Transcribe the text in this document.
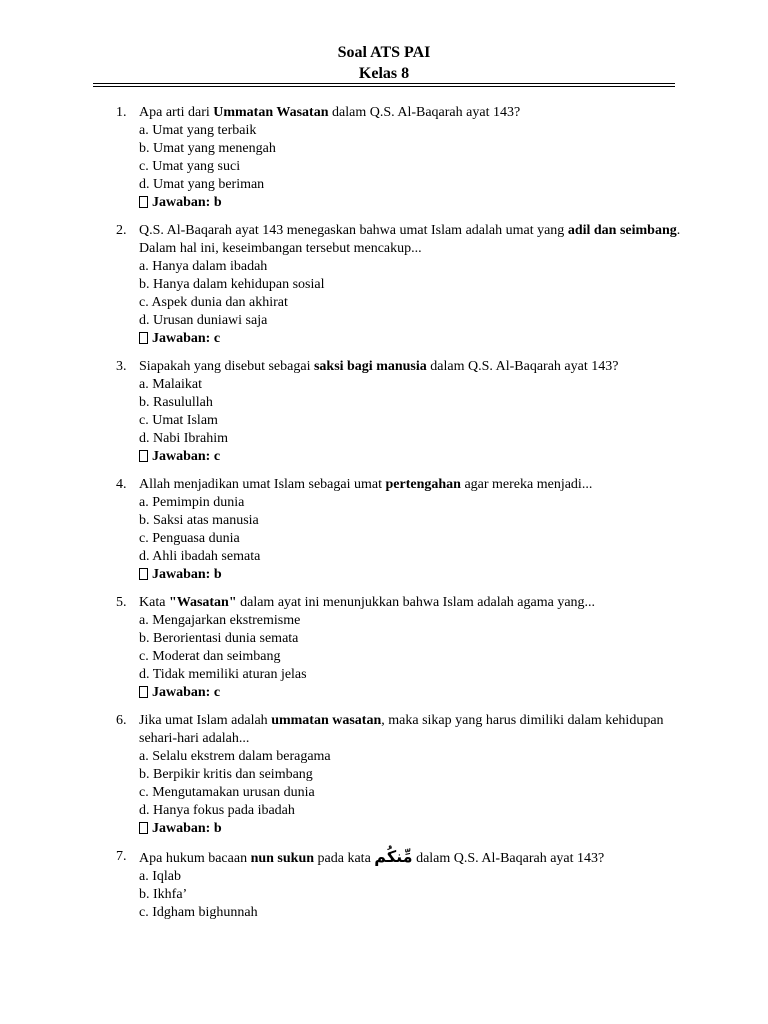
Soal ATS PAI
Kelas 8
1. Apa arti dari Ummatan Wasatan dalam Q.S. Al-Baqarah ayat 143?
a. Umat yang terbaik
b. Umat yang menengah
c. Umat yang suci
d. Umat yang beriman
Jawaban: b
2. Q.S. Al-Baqarah ayat 143 menegaskan bahwa umat Islam adalah umat yang adil dan seimbang. Dalam hal ini, keseimbangan tersebut mencakup...
a. Hanya dalam ibadah
b. Hanya dalam kehidupan sosial
c. Aspek dunia dan akhirat
d. Urusan duniawi saja
Jawaban: c
3. Siapakah yang disebut sebagai saksi bagi manusia dalam Q.S. Al-Baqarah ayat 143?
a. Malaikat
b. Rasulullah
c. Umat Islam
d. Nabi Ibrahim
Jawaban: c
4. Allah menjadikan umat Islam sebagai umat pertengahan agar mereka menjadi...
a. Pemimpin dunia
b. Saksi atas manusia
c. Penguasa dunia
d. Ahli ibadah semata
Jawaban: b
5. Kata "Wasatan" dalam ayat ini menunjukkan bahwa Islam adalah agama yang...
a. Mengajarkan ekstremisme
b. Berorientasi dunia semata
c. Moderat dan seimbang
d. Tidak memiliki aturan jelas
Jawaban: c
6. Jika umat Islam adalah ummatan wasatan, maka sikap yang harus dimiliki dalam kehidupan sehari-hari adalah...
a. Selalu ekstrem dalam beragama
b. Berpikir kritis dan seimbang
c. Mengutamakan urusan dunia
d. Hanya fokus pada ibadah
Jawaban: b
7. Apa hukum bacaan nun sukun pada kata مِّنكُم dalam Q.S. Al-Baqarah ayat 143?
a. Iqlab
b. Ikhfa’
c. Idgham bighunnah
